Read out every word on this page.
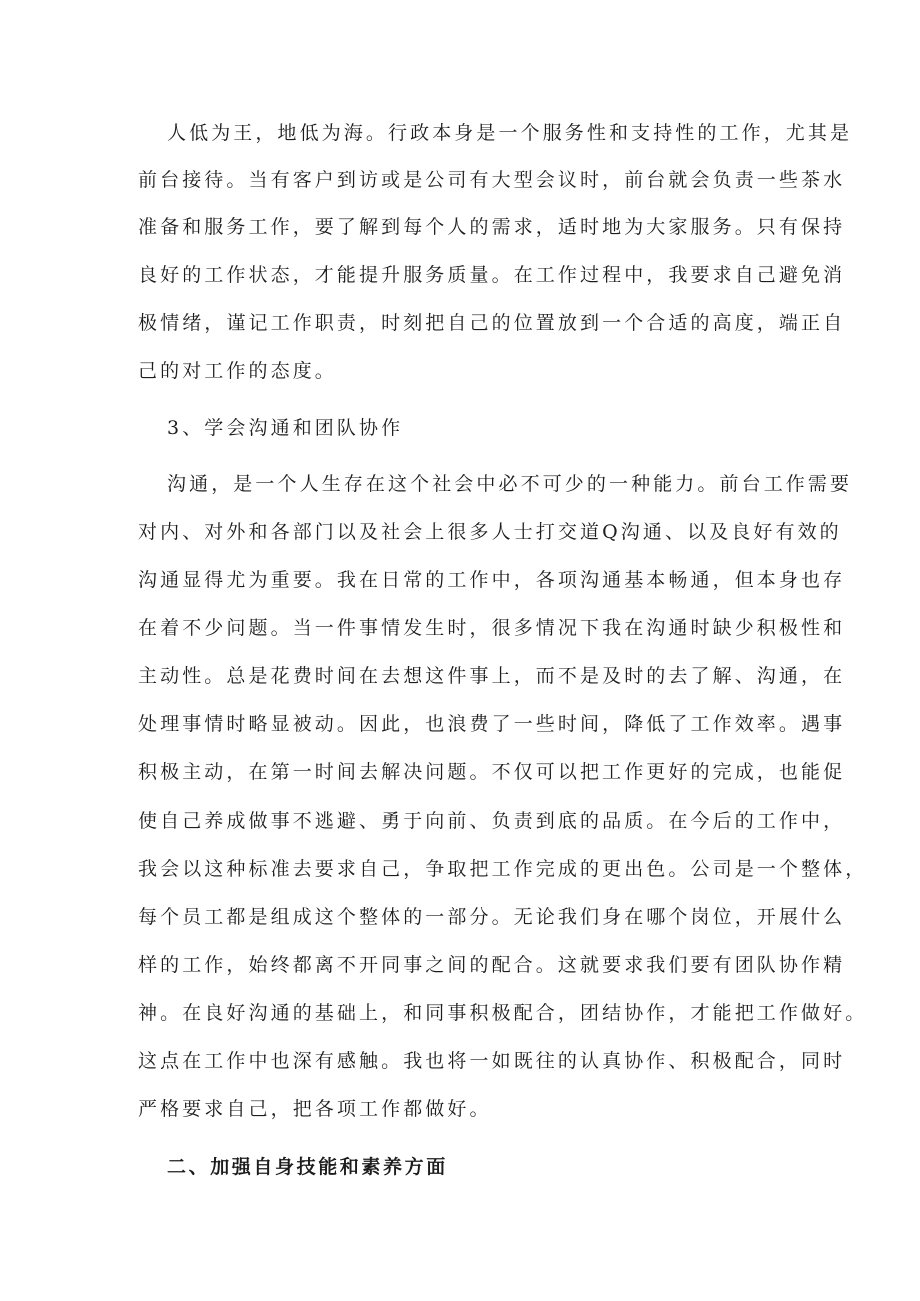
人低为王，地低为海。行政本身是一个服务性和支持性的工作，尤其是

前台接待。当有客户到访或是公司有大型会议时，前台就会负责一些茶水

准备和服务工作，要了解到每个人的需求，适时地为大家服务。只有保持

良好的工作状态，才能提升服务质量。在工作过程中，我要求自己避免消

极情绪，谨记工作职责，时刻把自己的位置放到一个合适的高度，端正自

己的对工作的态度。

3、学会沟通和团队协作

沟通，是一个人生存在这个社会中必不可少的一种能力。前台工作需要

对内、对外和各部门以及社会上很多人士打交道Q沟通、以及良好有效的

沟通显得尤为重要。我在日常的工作中，各项沟通基本畅通，但本身也存

在着不少问题。当一件事情发生时，很多情况下我在沟通时缺少积极性和

主动性。总是花费时间在去想这件事上，而不是及时的去了解、沟通，在

处理事情时略显被动。因此，也浪费了一些时间，降低了工作效率。遇事

积极主动，在第一时间去解决问题。不仅可以把工作更好的完成，也能促

使自己养成做事不逃避、勇于向前、负责到底的品质。在今后的工作中，

我会以这种标准去要求自己，争取把工作完成的更出色。公司是一个整体，

每个员工都是组成这个整体的一部分。无论我们身在哪个岗位，开展什么

样的工作，始终都离不开同事之间的配合。这就要求我们要有团队协作精

神。在良好沟通的基础上，和同事积极配合，团结协作，才能把工作做好。

这点在工作中也深有感触。我也将一如既往的认真协作、积极配合，同时

严格要求自己，把各项工作都做好。

二、加强自身技能和素养方面
